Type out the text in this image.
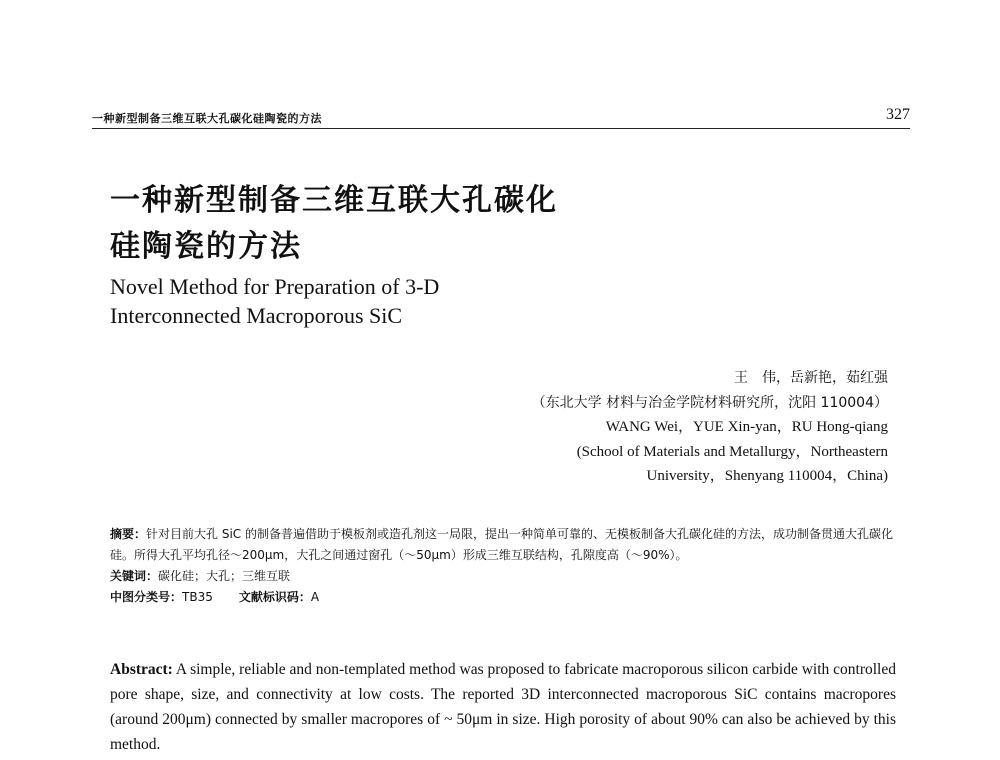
一种新型制备三维互联大孔碳化硅陶瓷的方法	327
一种新型制备三维互联大孔碳化
硅陶瓷的方法
Novel Method for Preparation of 3-D
Interconnected Macroporous SiC
王　伟，岳新艳，茹红强
（东北大学 材料与冶金学院材料研究所，沈阳 110004）
WANG Wei，YUE Xin-yan，RU Hong-qiang
(School of Materials and Metallurgy，Northeastern
University，Shenyang 110004，China)
摘要：针对目前大孔 SiC 的制备普遍借助于模板剂或造孔剂这一局限，提出一种简单可靠的、无模板制备大孔碳化硅的方法，成功制备贯通大孔碳化硅。所得大孔平均孔径～200μm，大孔之间通过窗孔（～50μm）形成三维互联结构，孔隙度高（～90%）。
关键词：碳化硅；大孔；三维互联
中图分类号：TB35 文献标识码：A
Abstract: A simple, reliable and non-templated method was proposed to fabricate macroporous silicon carbide with controlled pore shape, size, and connectivity at low costs. The reported 3D interconnected macroporous SiC contains macropores (around 200μm) connected by smaller macropores of ~ 50μm in size. High porosity of about 90% can also be achieved by this method.
